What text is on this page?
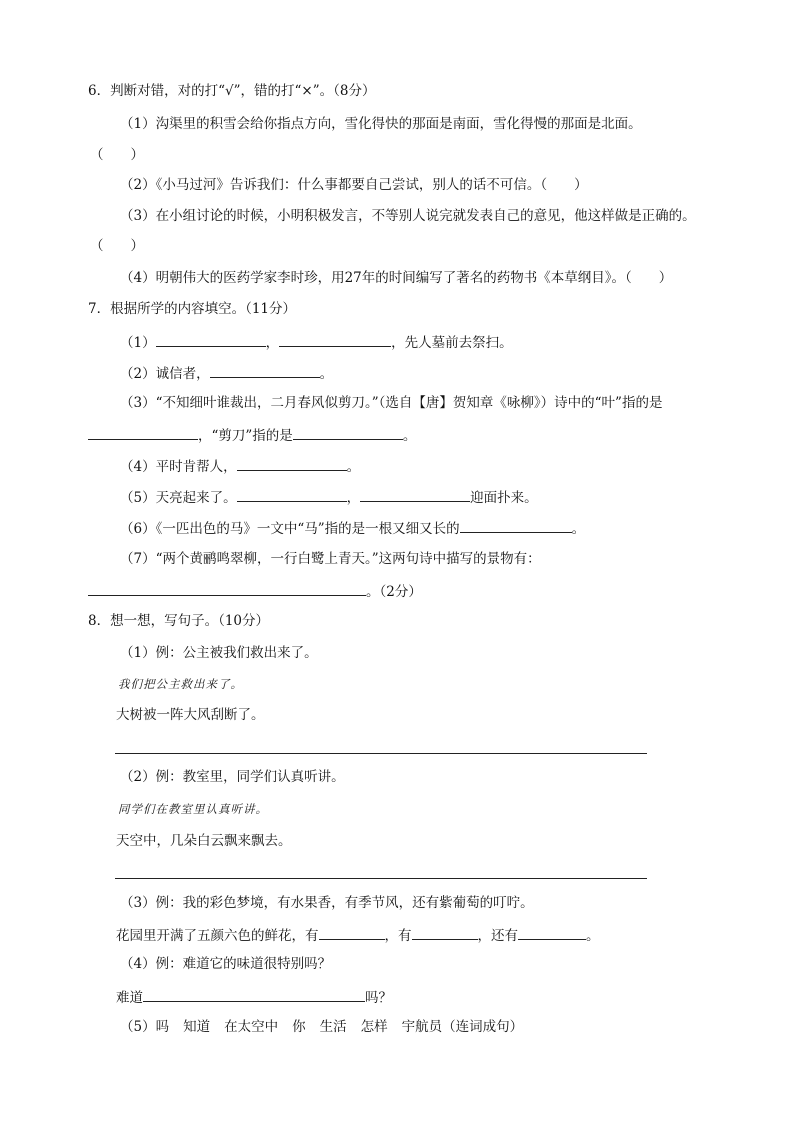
6．判断对错，对的打“√”，错的打“×”。（8分）
（1）沟渠里的积雪会给你指点方向，雪化得快的那面是南面，雪化得慢的那面是北面。
（　　）
（2）《小马过河》告诉我们：什么事都要自己尝试，别人的话不可信。（　　）
（3）在小组讨论的时候，小明积极发言，不等别人说完就发表自己的意见，他这样做是正确的。
（　　）
（4）明朝伟大的医药学家李时珍，用27年的时间编写了著名的药物书《本草纲目》。（　　）
7．根据所学的内容填空。（11分）
（1）	，	，先人墓前去祭扫。
（2）诚信者，	。
（3）“不知细叶谁裁出，二月春风似剪刀。”（选自【唐】贺知章《咏柳》）诗中的“叶”指的是
，“剪刀”指的是	。
（4）平时肯帮人，	。
（5）天亮起来了。	，	迎面扑来。
（6）《一匹出色的马》一文中“马”指的是一根又细又长的	。
（7）“两个黄鹂鸣翠柳，一行白鹭上青天。”这两句诗中描写的景物有：
。（2分）
8．想一想，写句子。（10分）
（1）例：公主被我们救出来了。
我们把公主救出来了。
大树被一阵大风刮断了。
（2）例：教室里，同学们认真听讲。
同学们在教室里认真听讲。
天空中，几朵白云飘来飘去。
（3）例：我的彩色梦境，有水果香，有季节风，还有紫葡萄的叮咛。
花园里开满了五颜六色的鲜花，有	，有	，还有	。
（4）例：难道它的味道很特别吗？
难道	吗？
（5）吗 知道 在太空中 你 生活 怎样 宇航员（连词成句）
